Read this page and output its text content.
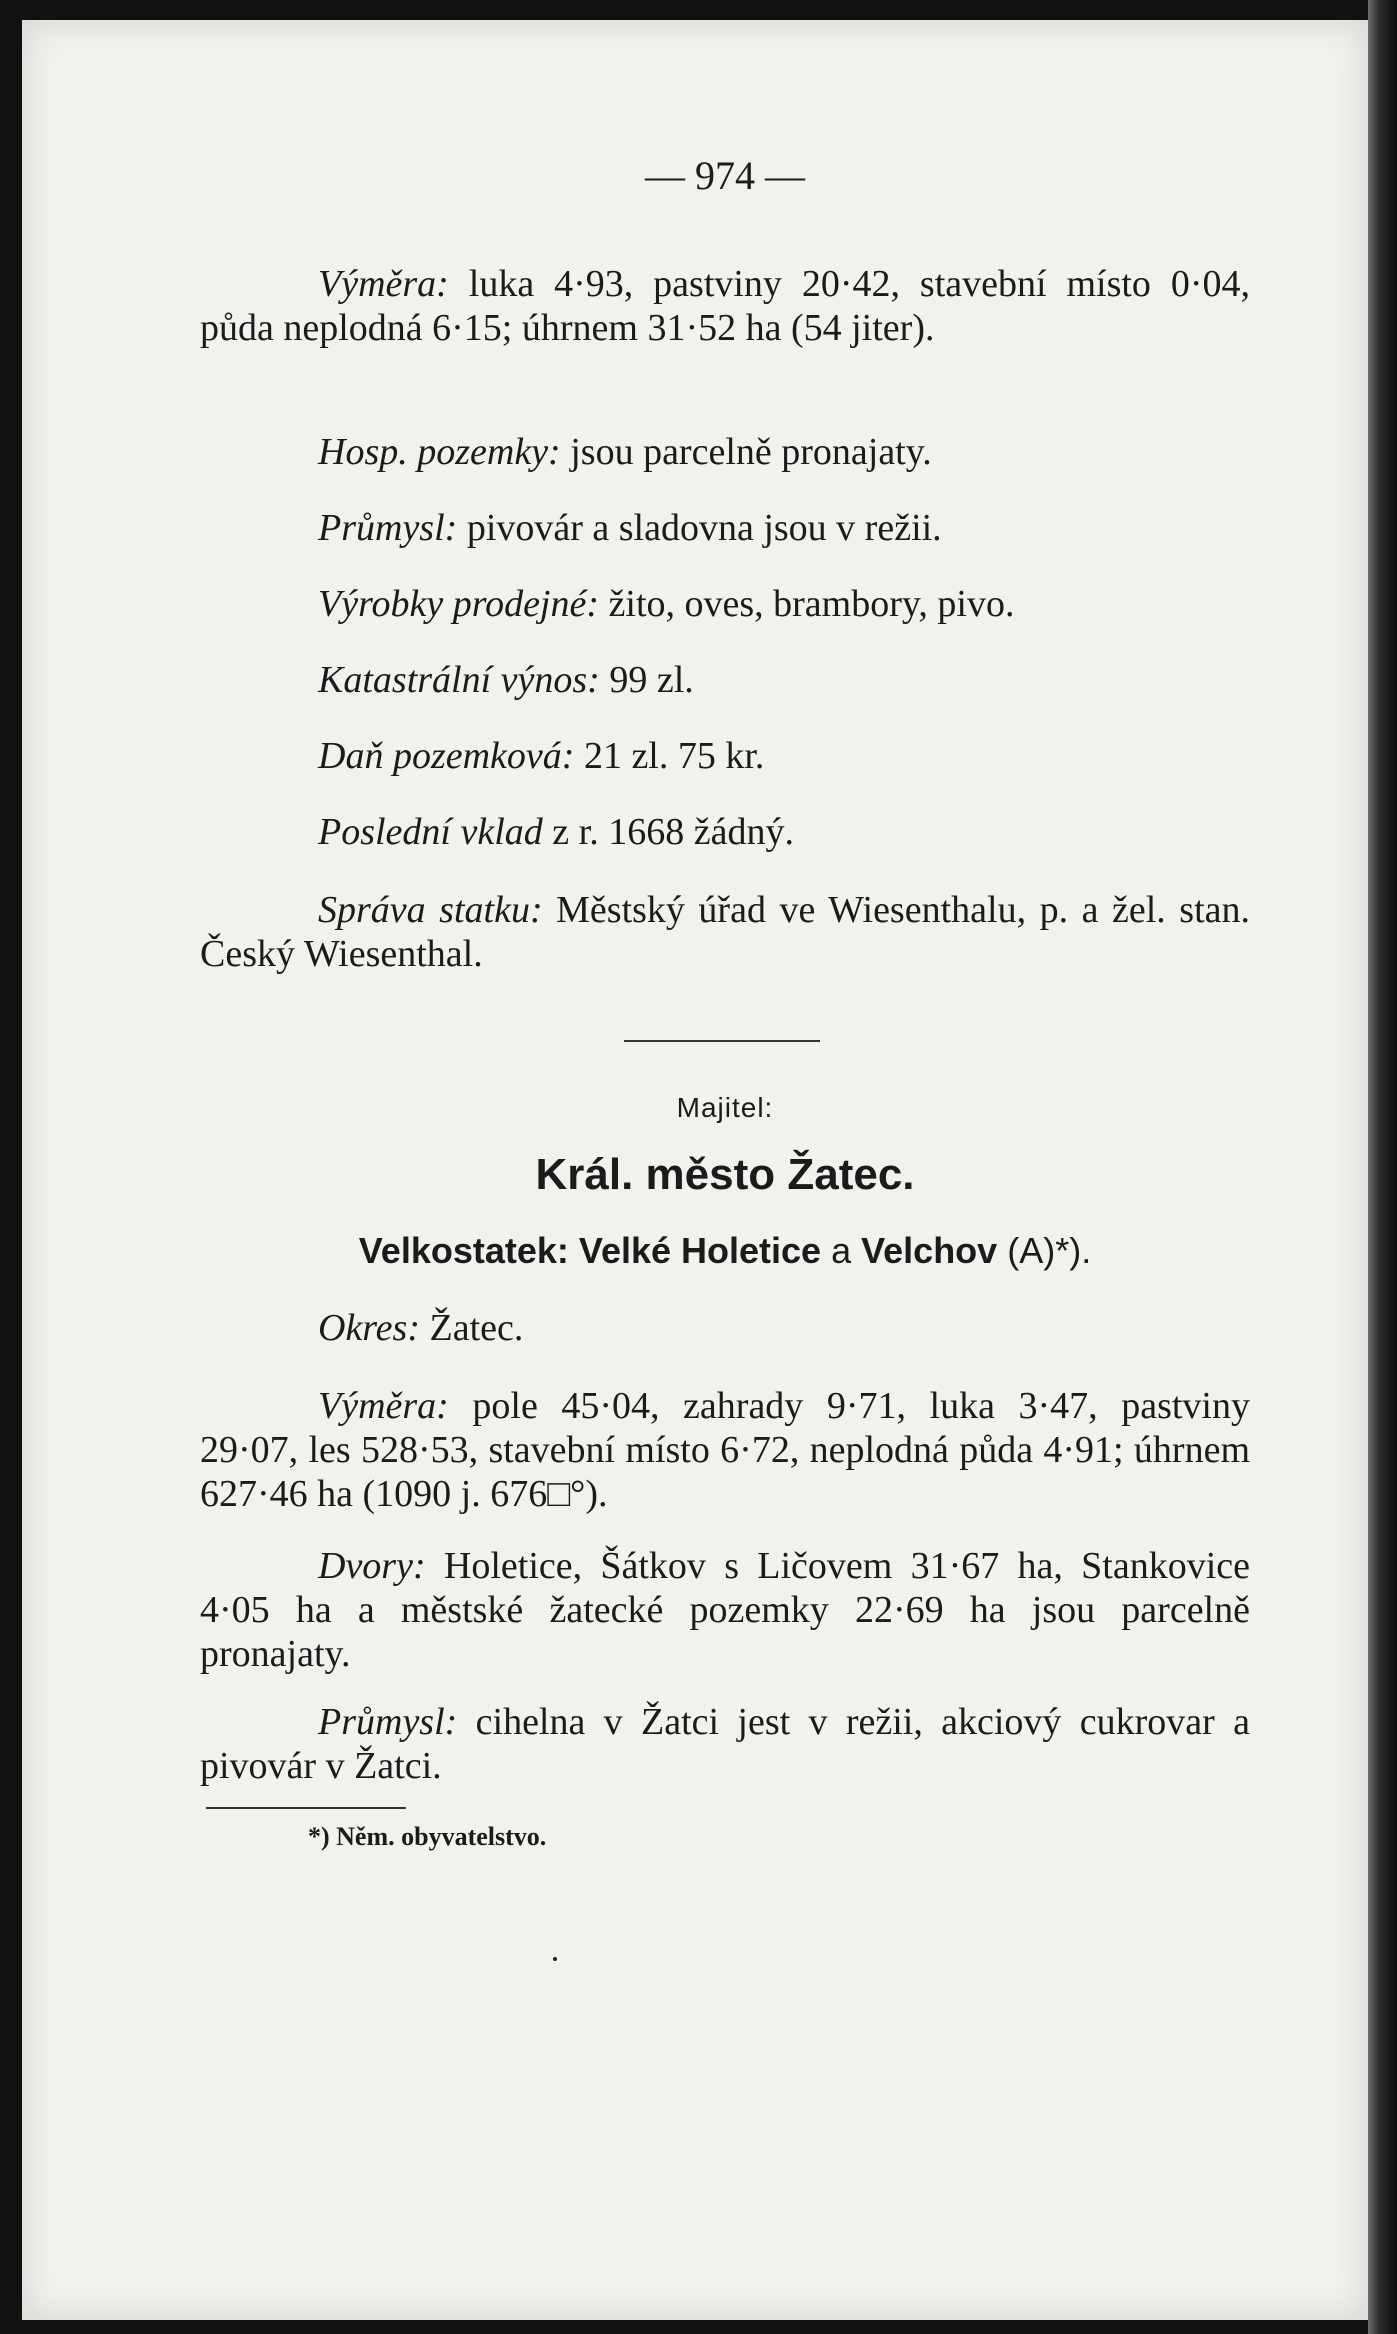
— 974 —

Výměra: luka 4·93, pastviny 20·42, stavební místo 0·04, půda neplodná 6·15; úhrnem 31·52 ha (54 jiter).

Hosp. pozemky: jsou parcelně pronajaty.

Průmysl: pivovár a sladovna jsou v režii.

Výrobky prodejné: žito, oves, brambory, pivo.

Katastrální výnos: 99 zl.

Daň pozemková: 21 zl. 75 kr.

Poslední vklad z r. 1668 žádný.

Správa statku: Městský úřad ve Wiesenthalu, p. a žel. stan. Český Wiesenthal.

Majitel:
Král. město Žatec.
Velkostatek: Velké Holetice a Velchov (A)*).

Okres: Žatec.

Výměra: pole 45·04, zahrady 9·71, luka 3·47, pastviny 29·07, les 528·53, stavební místo 6·72, neplodná půda 4·91; úhrnem 627·46 ha (1090 j. 676□°).

Dvory: Holetice, Šátkov s Ličovem 31·67 ha, Stankovice 4·05 ha a městské žatecké pozemky 22·69 ha jsou parcelně pronajaty.

Průmysl: cihelna v Žatci jest v režii, akciový cukrovar a pivovár v Žatci.

*) Něm. obyvatelstvo.
